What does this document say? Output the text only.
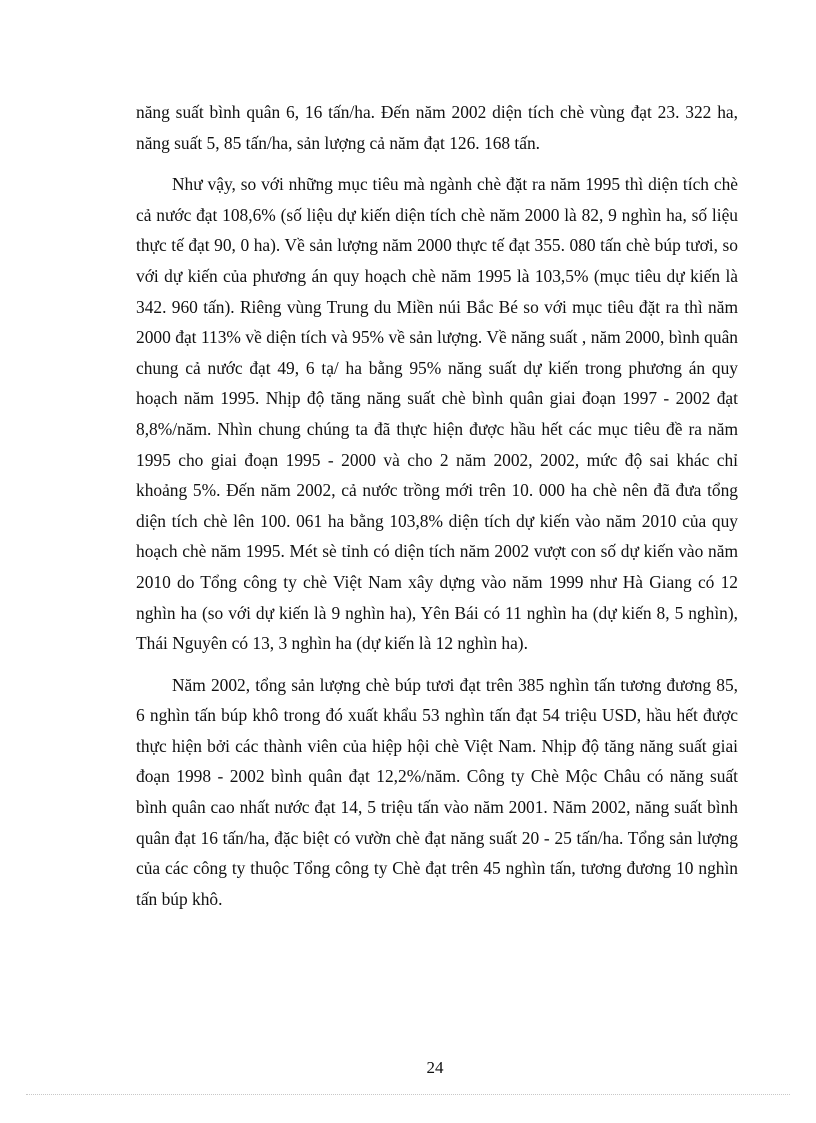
năng suất bình quân 6, 16 tấn/ha. Đến năm 2002 diện tích chè vùng đạt 23. 322 ha, năng suất 5, 85 tấn/ha, sản lượng cả năm đạt 126. 168 tấn.

Như vậy, so với những mục tiêu mà ngành chè đặt ra năm 1995 thì diện tích chè cả nước đạt 108,6% (số liệu dự kiến diện tích chè năm 2000 là 82, 9 nghìn ha, số liệu thực tế đạt 90, 0 ha). Về sản lượng năm 2000 thực tế đạt 355. 080 tấn chè búp tươi, so với dự kiến của phương án quy hoạch chè năm 1995 là 103,5% (mục tiêu dự kiến là 342. 960 tấn). Riêng vùng Trung du Miền núi Bắc Bé so với mục tiêu đặt ra thì năm 2000 đạt 113% về diện tích và 95% về sản lượng. Về năng suất , năm 2000, bình quân chung cả nước đạt 49, 6 tạ/ ha bằng 95% năng suất dự kiến trong phương án quy hoạch năm 1995. Nhịp độ tăng năng suất chè bình quân giai đoạn 1997 - 2002 đạt 8,8%/năm. Nhìn chung chúng ta đã thực hiện được hầu hết các mục tiêu đề ra năm 1995 cho giai đoạn 1995 - 2000 và cho 2 năm 2002, 2002, mức độ sai khác chỉ khoảng 5%. Đến năm 2002, cả nước trồng mới trên 10. 000 ha chè nên đã đưa tổng diện tích chè lên 100. 061 ha bằng 103,8% diện tích dự kiến vào năm 2010 của quy hoạch chè năm 1995. Mét sè tỉnh có diện tích năm 2002 vượt con số dự kiến vào năm 2010 do Tổng công ty chè Việt Nam xây dựng vào năm 1999 như Hà Giang có 12 nghìn ha (so với dự kiến là 9 nghìn ha), Yên Bái có 11 nghìn ha (dự kiến 8, 5 nghìn), Thái Nguyên có 13, 3 nghìn ha (dự kiến là 12 nghìn ha).

Năm 2002, tổng sản lượng chè búp tươi đạt trên 385 nghìn tấn tương đương 85, 6 nghìn tấn búp khô trong đó xuất khẩu 53 nghìn tấn đạt 54 triệu USD, hầu hết được thực hiện bởi các thành viên của hiệp hội chè Việt Nam. Nhịp độ tăng năng suất giai đoạn 1998 - 2002 bình quân đạt 12,2%/năm. Công ty Chè Mộc Châu có năng suất bình quân cao nhất nước đạt 14, 5 triệu tấn vào năm 2001. Năm 2002, năng suất bình quân đạt 16 tấn/ha, đặc biệt có vườn chè đạt năng suất 20 - 25 tấn/ha. Tổng sản lượng của các công ty thuộc Tổng công ty Chè đạt trên 45 nghìn tấn, tương đương 10 nghìn tấn búp khô.

24
